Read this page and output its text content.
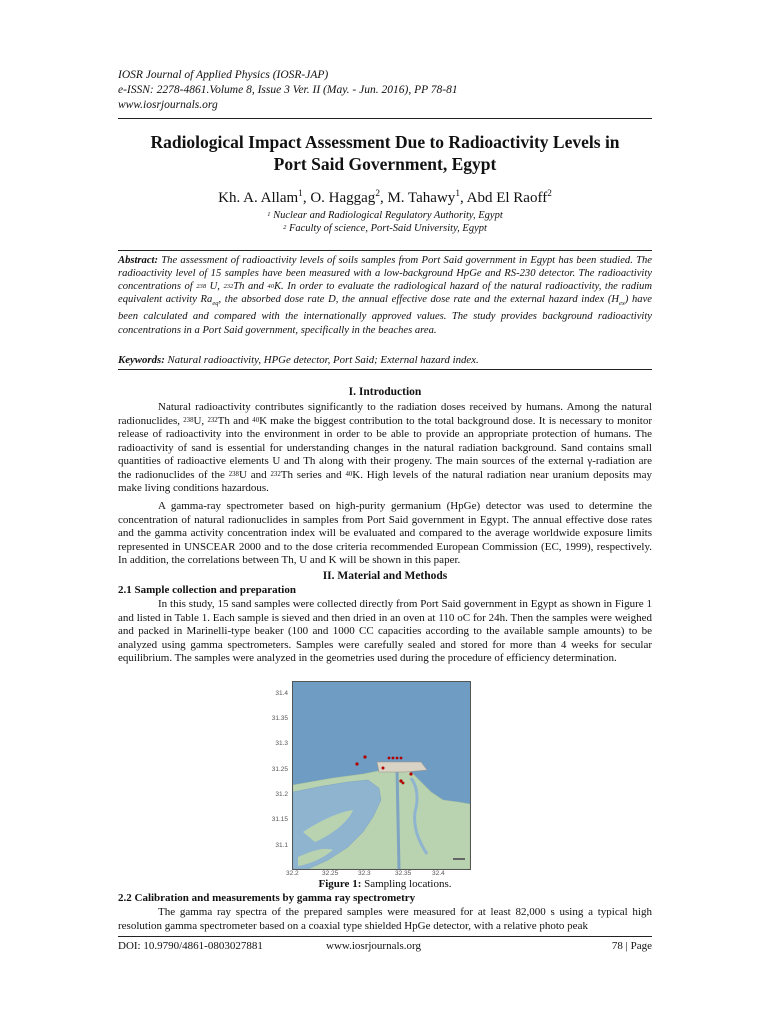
IOSR Journal of Applied Physics (IOSR-JAP)
e-ISSN: 2278-4861.Volume 8, Issue 3 Ver. II (May. - Jun. 2016), PP 78-81
www.iosrjournals.org
Radiological Impact Assessment Due to Radioactivity Levels in
Port Said Government, Egypt
Kh. A. Allam$^1$, O. Haggag$^2$, M. Tahawy$^1$, Abd El Raoff$^2$
$^1$ Nuclear and Radiological Regulatory Authority, Egypt
$^2$ Faculty of science, Port-Said University, Egypt
Abstract: The assessment of radioactivity levels of soils samples from Port Said government in Egypt has been studied. The radioactivity level of 15 samples have been measured with a low-background HpGe and RS-230 detector. The radioactivity concentrations of $^{238}$ U, $^{232}$Th and $^{40}$K. In order to evaluate the radiological hazard of the natural radioactivity, the radium equivalent activity $Ra_{eq}$, the absorbed dose rate D, the annual effective dose rate and the external hazard index $(H_{ex})$ have been calculated and compared with the internationally approved values. The study provides background radioactivity concentrations in a Port Said government, specifically in the beaches area.
Keywords: Natural radioactivity, HPGe detector, Port Said; External hazard index.
I. Introduction
Natural radioactivity contributes significantly to the radiation doses received by humans. Among the natural radionuclides, $^{238}$U, $^{232}$Th and $^{40}$K make the biggest contribution to the total background dose. It is necessary to monitor release of radioactivity into the environment in order to be able to provide an appropriate protection of humans. The radioactivity of sand is essential for understanding changes in the natural radiation background. Sand contains small quantities of radioactive elements U and Th along with their progeny. The main sources of the external γ-radiation are the radionuclides of the $^{238}$U and $^{232}$Th series and $^{40}$K. High levels of the natural radiation near uranium deposits may make living conditions hazardous.
A gamma-ray spectrometer based on high-purity germanium (HpGe) detector was used to determine the concentration of natural radionuclides in samples from Port Said government in Egypt. The annual effective dose rates and the gamma activity concentration index will be evaluated and compared to the average worldwide exposure limits represented in UNSCEAR 2000 and to the dose criteria recommended European Commission (EC, 1999), respectively. In addition, the correlations between Th, U and K will be shown in this paper.
II. Material and Methods
2.1 Sample collection and preparation
In this study, 15 sand samples were collected directly from Port Said government in Egypt as shown in Figure 1 and listed in Table 1. Each sample is sieved and then dried in an oven at 110 oC for 24h. Then the samples were weighed and packed in Marinelli-type beaker (100 and 1000 CC capacities according to the available sample amounts) to be analyzed using gamma spectrometers. Samples were carefully sealed and stored for more than 4 weeks for secular equilibrium. The samples were analyzed in the geometries used during the procedure of efficiency determination.
31.4
31.35
31.3
31.25
31.2
31.15
31.1
32.2	32.25	32.3	32.35	32.4
Figure 1: Sampling locations.
2.2 Calibration and measurements by gamma ray spectrometry
The gamma ray spectra of the prepared samples were measured for at least 82,000 s using a typical high resolution gamma spectrometer based on a coaxial type shielded HpGe detector, with a relative photo peak
DOI: 10.9790/4861-0803027881	www.iosrjournals.org	78 | Page
